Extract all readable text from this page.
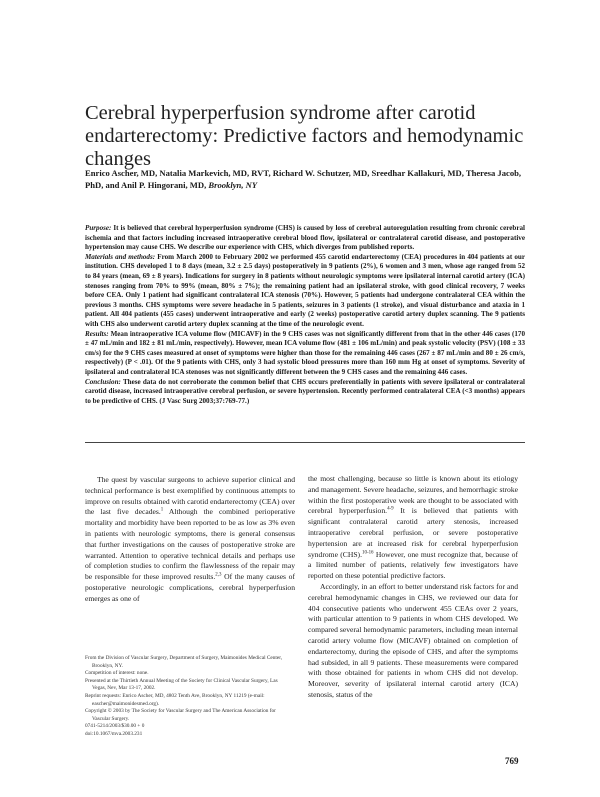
Cerebral hyperperfusion syndrome after carotid endarterectomy: Predictive factors and hemodynamic changes
Enrico Ascher, MD, Natalia Markevich, MD, RVT, Richard W. Schutzer, MD, Sreedhar Kallakuri, MD, Theresa Jacob, PhD, and Anil P. Hingorani, MD, Brooklyn, NY

Purpose: It is believed that cerebral hyperperfusion syndrome (CHS) is caused by loss of cerebral autoregulation resulting from chronic cerebral ischemia and that factors including increased intraoperative cerebral blood flow, ipsilateral or contralateral carotid disease, and postoperative hypertension may cause CHS. We describe our experience with CHS, which diverges from published reports.

Materials and methods: From March 2000 to February 2002 we performed 455 carotid endarterectomy (CEA) procedures in 404 patients at our institution. CHS developed 1 to 8 days (mean, 3.2 ± 2.5 days) postoperatively in 9 patients (2%), 6 women and 3 men, whose age ranged from 52 to 84 years (mean, 69 ± 8 years). Indications for surgery in 8 patients without neurologic symptoms were ipsilateral internal carotid artery (ICA) stenoses ranging from 70% to 99% (mean, 80% ± 7%); the remaining patient had an ipsilateral stroke, with good clinical recovery, 7 weeks before CEA. Only 1 patient had significant contralateral ICA stenosis (70%). However, 5 patients had undergone contralateral CEA within the previous 3 months. CHS symptoms were severe headache in 5 patients, seizures in 3 patients (1 stroke), and visual disturbance and ataxia in 1 patient. All 404 patients (455 cases) underwent intraoperative and early (2 weeks) postoperative carotid artery duplex scanning. The 9 patients with CHS also underwent carotid artery duplex scanning at the time of the neurologic event.

Results: Mean intraoperative ICA volume flow (MICAVF) in the 9 CHS cases was not significantly different from that in the other 446 cases (170 ± 47 mL/min and 182 ± 81 mL/min, respectively). However, mean ICA volume flow (481 ± 106 mL/min) and peak systolic velocity (PSV) (108 ± 33 cm/s) for the 9 CHS cases measured at onset of symptoms were higher than those for the remaining 446 cases (267 ± 87 mL/min and 80 ± 26 cm/s, respectively) (P < .01). Of the 9 patients with CHS, only 3 had systolic blood pressures more than 160 mm Hg at onset of symptoms. Severity of ipsilateral and contralateral ICA stenoses was not significantly different between the 9 CHS cases and the remaining 446 cases.

Conclusion: These data do not corroborate the common belief that CHS occurs preferentially in patients with severe ipsilateral or contralateral carotid disease, increased intraoperative cerebral perfusion, or severe hypertension. Recently performed contralateral CEA (<3 months) appears to be predictive of CHS. (J Vasc Surg 2003;37:769-77.)

The quest by vascular surgeons to achieve superior clinical and technical performance is best exemplified by continuous attempts to improve on results obtained with carotid endarterectomy (CEA) over the last five decades.$^1$ Although the combined perioperative mortality and morbidity have been reported to be as low as 3% even in patients with neurologic symptoms, there is general consensus that further investigations on the causes of postoperative stroke are warranted. Attention to operative technical details and perhaps use of completion studies to confirm the flawlessness of the repair may be responsible for these improved results.$^{2,3}$ Of the many causes of postoperative neurologic complications, cerebral hyperperfusion emerges as one of

the most challenging, because so little is known about its etiology and management. Severe headache, seizures, and hemorrhagic stroke within the first postoperative week are thought to be associated with cerebral hyperperfusion.$^{4-9}$ It is believed that patients with significant contralateral carotid artery stenosis, increased intraoperative cerebral perfusion, or severe postoperative hypertension are at increased risk for cerebral hyperperfusion syndrome (CHS).$^{10-16}$ However, one must recognize that, because of a limited number of patients, relatively few investigators have reported on these potential predictive factors.

Accordingly, in an effort to better understand risk factors for and cerebral hemodynamic changes in CHS, we reviewed our data for 404 consecutive patients who underwent 455 CEAs over 2 years, with particular attention to 9 patients in whom CHS developed. We compared several hemodynamic parameters, including mean internal carotid artery volume flow (MICAVF) obtained on completion of endarterectomy, during the episode of CHS, and after the symptoms had subsided, in all 9 patients. These measurements were compared with those obtained for patients in whom CHS did not develop. Moreover, severity of ipsilateral internal carotid artery (ICA) stenosis, status of the

From the Division of Vascular Surgery, Department of Surgery, Maimonides Medical Center, Brooklyn, NY.
Competition of interest: none.
Presented at the Thirtieth Annual Meeting of the Society for Clinical Vascular Surgery, Las Vegas, Nev, Mar 13-17, 2002.
Reprint requests: Enrico Ascher, MD, 4802 Tenth Ave, Brooklyn, NY 11219 (e-mail: eascher@maimonidesmed.org).
Copyright © 2003 by The Society for Vascular Surgery and The American Association for Vascular Surgery.
0741-5214/2003/$30.00 + 0
doi:10.1067/mva.2003.231
769
